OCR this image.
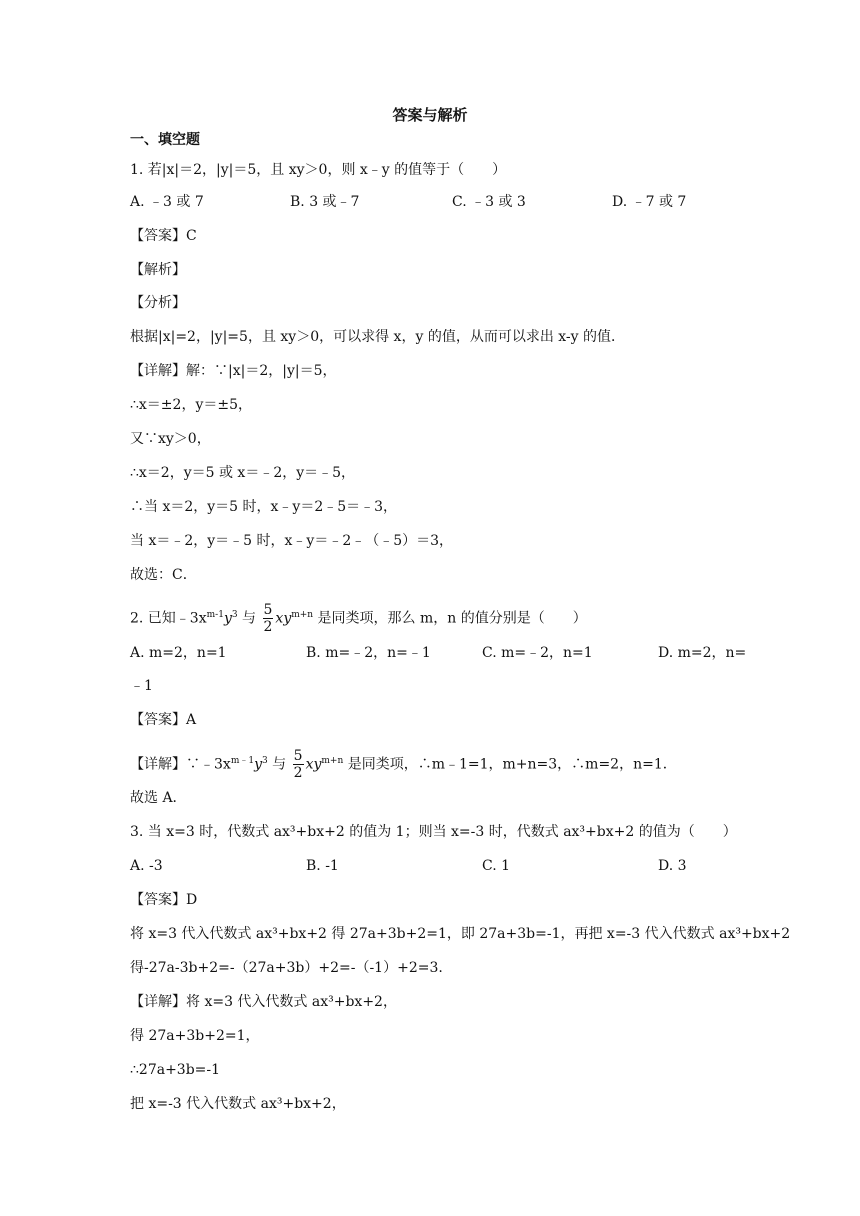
答案与解析
一、填空题
1. 若|x|＝2，|y|＝5，且 xy＞0，则 x﹣y 的值等于（　　）
A. ﹣3 或 7	B. 3 或﹣7	C. ﹣3 或 3	D. ﹣7 或 7
【答案】C
【解析】
【分析】
根据|x|=2，|y|=5，且 xy＞0，可以求得 x，y 的值，从而可以求出 x-y 的值．
【详解】解：∵|x|＝2，|y|＝5，
∴x＝±2，y＝±5，
又∵xy＞0，
∴x＝2，y＝5 或 x＝﹣2，y＝﹣5，
∴当 x＝2，y＝5 时，x﹣y＝2﹣5＝﹣3，
当 x＝﹣2，y＝﹣5 时，x﹣y＝﹣2﹣（﹣5）＝3，
故选：C．
2. 已知$﹣3x^{m-1}y^3$ 与 $\frac{5}{2} xy^{m+n}$ 是同类项，那么 m，n 的值分别是（　　）
A. m=2，n=1	B. m=﹣2，n=﹣1	C. m=﹣2，n=1	D. m=2，n=
﹣1
【答案】A
【详解】$\because﹣3x^{m﹣1}y^3$ 与 $\frac{5}{2} xy^{m+n}$ 是同类项，∴m﹣1=1，m+n=3，∴m=2，n=1．
故选 A．
3. 当 x=3 时，代数式 ax³+bx+2 的值为 1；则当 x=-3 时，代数式 ax³+bx+2 的值为（　　）
A. -3	B. -1	C. 1	D. 3
【答案】D
将 x=3 代入代数式 ax³+bx+2 得 27a+3b+2=1，即 27a+3b=-1，再把 x=-3 代入代数式 ax³+bx+2
得-27a-3b+2=-（27a+3b）+2=-（-1）+2=3.
【详解】将 x=3 代入代数式 ax³+bx+2，
得 27a+3b+2=1，
∴27a+3b=-1
把 x=-3 代入代数式 ax³+bx+2，
